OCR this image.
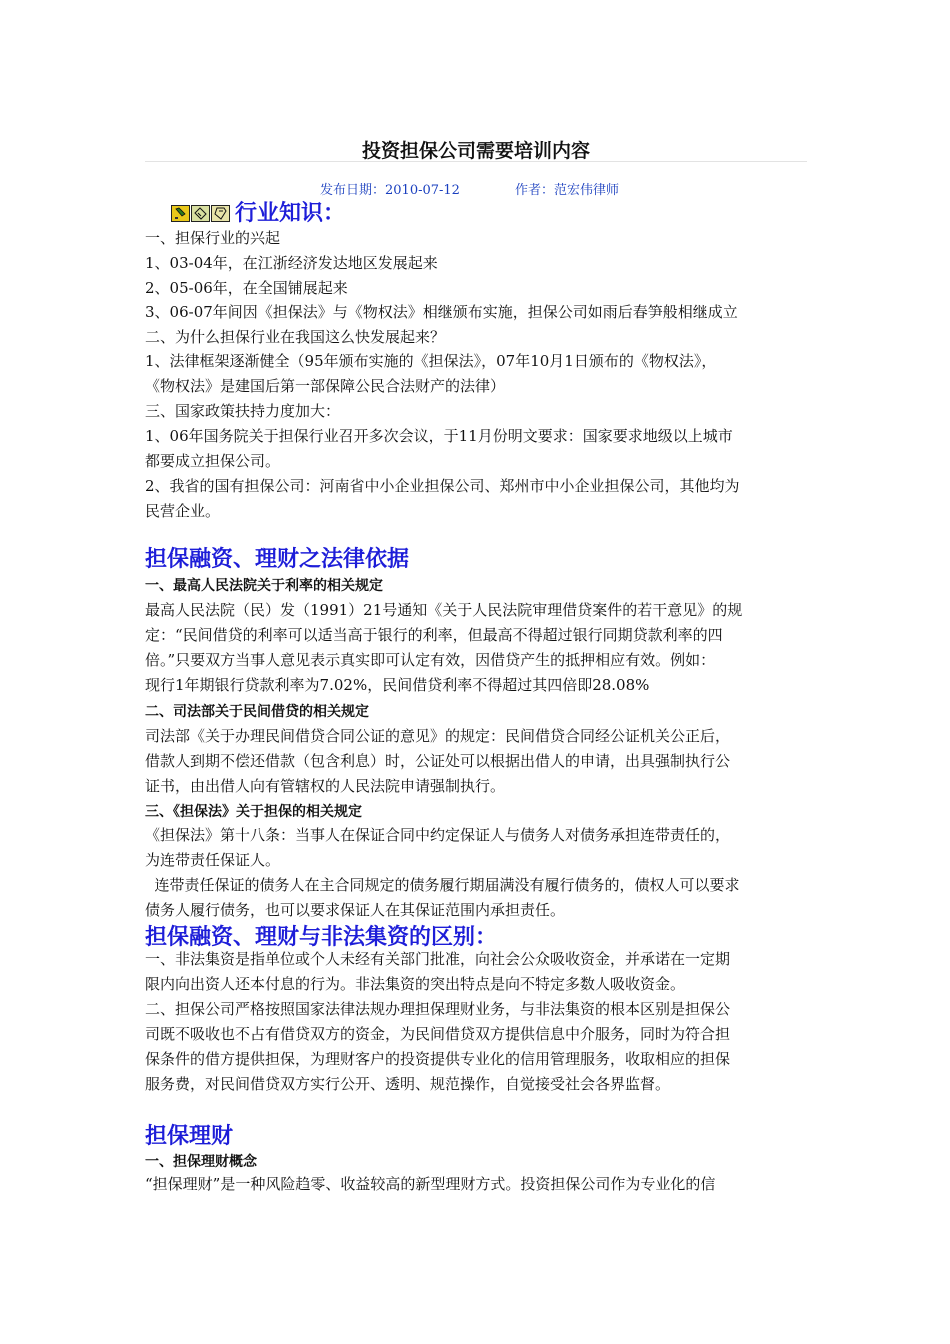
投资担保公司需要培训内容
发布日期：2010-07-12	作者：范宏伟律师
行业知识：
一、担保行业的兴起
1、03-04年，在江浙经济发达地区发展起来
2、05-06年，在全国铺展起来
3、06-07年间因《担保法》与《物权法》相继颁布实施，担保公司如雨后春笋般相继成立
二、为什么担保行业在我国这么快发展起来？
1、法律框架逐渐健全（95年颁布实施的《担保法》，07年10月1日颁布的《物权法》，
《物权法》是建国后第一部保障公民合法财产的法律）
三、国家政策扶持力度加大：
1、06年国务院关于担保行业召开多次会议，于11月份明文要求：国家要求地级以上城市
都要成立担保公司。
2、我省的国有担保公司：河南省中小企业担保公司、郑州市中小企业担保公司，其他均为
民营企业。
担保融资、理财之法律依据
一、最高人民法院关于利率的相关规定
最高人民法院（民）发（1991）21号通知《关于人民法院审理借贷案件的若干意见》的规
定：“民间借贷的利率可以适当高于银行的利率，但最高不得超过银行同期贷款利率的四
倍。”只要双方当事人意见表示真实即可认定有效，因借贷产生的抵押相应有效。例如：
现行1年期银行贷款利率为7.02%，民间借贷利率不得超过其四倍即28.08%
二、司法部关于民间借贷的相关规定
司法部《关于办理民间借贷合同公证的意见》的规定：民间借贷合同经公证机关公正后，
借款人到期不偿还借款（包含利息）时，公证处可以根据出借人的申请，出具强制执行公
证书，由出借人向有管辖权的人民法院申请强制执行。
三、《担保法》关于担保的相关规定
《担保法》第十八条：当事人在保证合同中约定保证人与债务人对债务承担连带责任的，
为连带责任保证人。
连带责任保证的债务人在主合同规定的债务履行期届满没有履行债务的，债权人可以要求
债务人履行债务，也可以要求保证人在其保证范围内承担责任。
担保融资、理财与非法集资的区别：
一、非法集资是指单位或个人未经有关部门批准，向社会公众吸收资金，并承诺在一定期
限内向出资人还本付息的行为。非法集资的突出特点是向不特定多数人吸收资金。
二、担保公司严格按照国家法律法规办理担保理财业务，与非法集资的根本区别是担保公
司既不吸收也不占有借贷双方的资金，为民间借贷双方提供信息中介服务，同时为符合担
保条件的借方提供担保，为理财客户的投资提供专业化的信用管理服务，收取相应的担保
服务费，对民间借贷双方实行公开、透明、规范操作，自觉接受社会各界监督。
担保理财
一、担保理财概念
“担保理财”是一种风险趋零、收益较高的新型理财方式。投资担保公司作为专业化的信
